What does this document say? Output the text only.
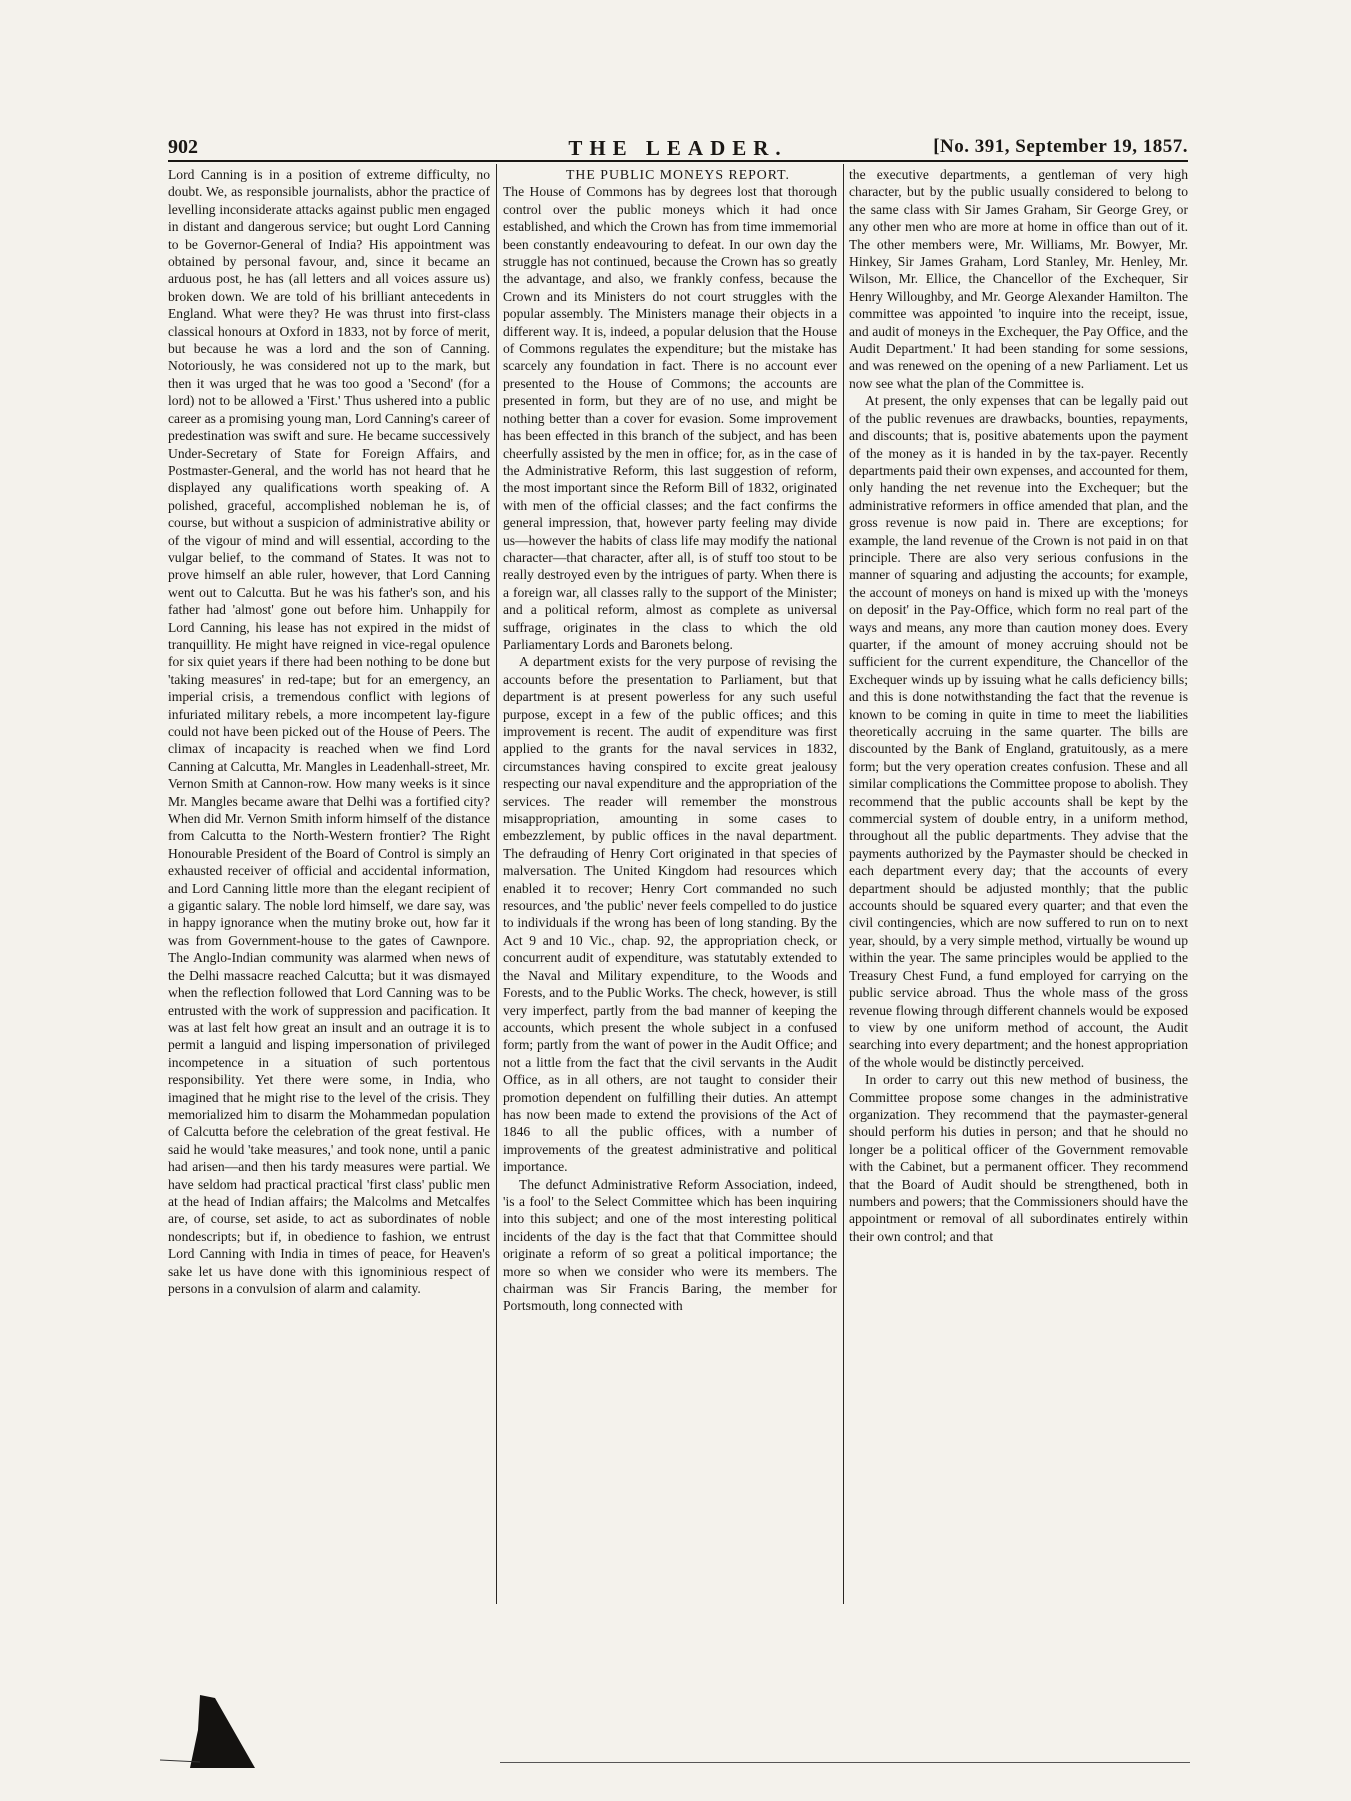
902	THE LEADER.	[No. 391, September 19, 1857.

Lord Canning is in a position of extreme difficulty, no doubt. We, as responsible journalists, abhor the practice of levelling inconsiderate attacks against public men engaged in distant and dangerous service; but ought Lord Canning to be Governor-General of India? His appointment was obtained by personal favour, and, since it became an arduous post, he has (all letters and all voices assure us) broken down. We are told of his brilliant antecedents in England. What were they? He was thrust into first-class classical honours at Oxford in 1833, not by force of merit, but because he was a lord and the son of Canning. Notoriously, he was considered not up to the mark, but then it was urged that he was too good a 'Second' (for a lord) not to be allowed a 'First.' Thus ushered into a public career as a promising young man, Lord Canning's career of predestination was swift and sure. He became successively Under-Secretary of State for Foreign Affairs, and Postmaster-General, and the world has not heard that he displayed any qualifications worth speaking of. A polished, graceful, accomplished nobleman he is, of course, but without a suspicion of administrative ability or of the vigour of mind and will essential, according to the vulgar belief, to the command of States. It was not to prove himself an able ruler, however, that Lord Canning went out to Calcutta. But he was his father's son, and his father had 'almost' gone out before him. Unhappily for Lord Canning, his lease has not expired in the midst of tranquillity. He might have reigned in vice-regal opulence for six quiet years if there had been nothing to be done but 'taking measures' in red-tape; but for an emergency, an imperial crisis, a tremendous conflict with legions of infuriated military rebels, a more incompetent lay-figure could not have been picked out of the House of Peers. The climax of incapacity is reached when we find Lord Canning at Calcutta, Mr. Mangles in Leadenhall-street, Mr. Vernon Smith at Cannon-row. How many weeks is it since Mr. Mangles became aware that Delhi was a fortified city? When did Mr. Vernon Smith inform himself of the distance from Calcutta to the North-Western frontier? The Right Honourable President of the Board of Control is simply an exhausted receiver of official and accidental information, and Lord Canning little more than the elegant recipient of a gigantic salary. The noble lord himself, we dare say, was in happy ignorance when the mutiny broke out, how far it was from Government-house to the gates of Cawnpore. The Anglo-Indian community was alarmed when news of the Delhi massacre reached Calcutta; but it was dismayed when the reflection followed that Lord Canning was to be entrusted with the work of suppression and pacification. It was at last felt how great an insult and an outrage it is to permit a languid and lisping impersonation of privileged incompetence in a situation of such portentous responsibility. Yet there were some, in India, who imagined that he might rise to the level of the crisis. They memorialized him to disarm the Mohammedan population of Calcutta before the celebration of the great festival. He said he would 'take measures,' and took none, until a panic had arisen—and then his tardy measures were partial. We have seldom had practical practical 'first class' public men at the head of Indian affairs; the Malcolms and Metcalfes are, of course, set aside, to act as subordinates of noble nondescripts; but if, in obedience to fashion, we entrust Lord Canning with India in times of peace, for Heaven's sake let us have done with this ignominious respect of persons in a convulsion of alarm and calamity.

THE PUBLIC MONEYS REPORT.

The House of Commons has by degrees lost that thorough control over the public moneys which it had once established, and which the Crown has from time immemorial been constantly endeavouring to defeat. In our own day the struggle has not continued, because the Crown has so greatly the advantage, and also, we frankly confess, because the Crown and its Ministers do not court struggles with the popular assembly. The Ministers manage their objects in a different way. It is, indeed, a popular delusion that the House of Commons regulates the expenditure; but the mistake has scarcely any foundation in fact. There is no account ever presented to the House of Commons; the accounts are presented in form, but they are of no use, and might be nothing better than a cover for evasion. Some improvement has been effected in this branch of the subject, and has been cheerfully assisted by the men in office; for, as in the case of the Administrative Reform, this last suggestion of reform, the most important since the Reform Bill of 1832, originated with men of the official classes; and the fact confirms the general impression, that, however party feeling may divide us—however the habits of class life may modify the national character—that character, after all, is of stuff too stout to be really destroyed even by the intrigues of party. When there is a foreign war, all classes rally to the support of the Minister; and a political reform, almost as complete as universal suffrage, originates in the class to which the old Parliamentary Lords and Baronets belong.

A department exists for the very purpose of revising the accounts before the presentation to Parliament, but that department is at present powerless for any such useful purpose, except in a few of the public offices; and this improvement is recent. The audit of expenditure was first applied to the grants for the naval services in 1832, circumstances having conspired to excite great jealousy respecting our naval expenditure and the appropriation of the services. The reader will remember the monstrous misappropriation, amounting in some cases to embezzlement, by public offices in the naval department. The defrauding of Henry Cort originated in that species of malversation. The United Kingdom had resources which enabled it to recover; Henry Cort commanded no such resources, and 'the public' never feels compelled to do justice to individuals if the wrong has been of long standing. By the Act 9 and 10 Vic., chap. 92, the appropriation check, or concurrent audit of expenditure, was statutably extended to the Naval and Military expenditure, to the Woods and Forests, and to the Public Works. The check, however, is still very imperfect, partly from the bad manner of keeping the accounts, which present the whole subject in a confused form; partly from the want of power in the Audit Office; and not a little from the fact that the civil servants in the Audit Office, as in all others, are not taught to consider their promotion dependent on fulfilling their duties. An attempt has now been made to extend the provisions of the Act of 1846 to all the public offices, with a number of improvements of the greatest administrative and political importance.

The defunct Administrative Reform Association, indeed, 'is a fool' to the Select Committee which has been inquiring into this subject; and one of the most interesting political incidents of the day is the fact that that Committee should originate a reform of so great a political importance; the more so when we consider who were its members. The chairman was Sir Francis Baring, the member for Portsmouth, long connected with

the executive departments, a gentleman of very high character, but by the public usually considered to belong to the same class with Sir James Graham, Sir George Grey, or any other men who are more at home in office than out of it. The other members were, Mr. Williams, Mr. Bowyer, Mr. Hinkey, Sir James Graham, Lord Stanley, Mr. Henley, Mr. Wilson, Mr. Ellice, the Chancellor of the Exchequer, Sir Henry Willoughby, and Mr. George Alexander Hamilton. The committee was appointed 'to inquire into the receipt, issue, and audit of moneys in the Exchequer, the Pay Office, and the Audit Department.' It had been standing for some sessions, and was renewed on the opening of a new Parliament. Let us now see what the plan of the Committee is.

At present, the only expenses that can be legally paid out of the public revenues are drawbacks, bounties, repayments, and discounts; that is, positive abatements upon the payment of the money as it is handed in by the tax-payer. Recently departments paid their own expenses, and accounted for them, only handing the net revenue into the Exchequer; but the administrative reformers in office amended that plan, and the gross revenue is now paid in. There are exceptions; for example, the land revenue of the Crown is not paid in on that principle. There are also very serious confusions in the manner of squaring and adjusting the accounts; for example, the account of moneys on hand is mixed up with the 'moneys on deposit' in the Pay-Office, which form no real part of the ways and means, any more than caution money does. Every quarter, if the amount of money accruing should not be sufficient for the current expenditure, the Chancellor of the Exchequer winds up by issuing what he calls deficiency bills; and this is done notwithstanding the fact that the revenue is known to be coming in quite in time to meet the liabilities theoretically accruing in the same quarter. The bills are discounted by the Bank of England, gratuitously, as a mere form; but the very operation creates confusion. These and all similar complications the Committee propose to abolish. They recommend that the public accounts shall be kept by the commercial system of double entry, in a uniform method, throughout all the public departments. They advise that the payments authorized by the Paymaster should be checked in each department every day; that the accounts of every department should be adjusted monthly; that the public accounts should be squared every quarter; and that even the civil contingencies, which are now suffered to run on to next year, should, by a very simple method, virtually be wound up within the year. The same principles would be applied to the Treasury Chest Fund, a fund employed for carrying on the public service abroad. Thus the whole mass of the gross revenue flowing through different channels would be exposed to view by one uniform method of account, the Audit searching into every department; and the honest appropriation of the whole would be distinctly perceived.

In order to carry out this new method of business, the Committee propose some changes in the administrative organization. They recommend that the paymaster-general should perform his duties in person; and that he should no longer be a political officer of the Government removable with the Cabinet, but a permanent officer. They recommend that the Board of Audit should be strengthened, both in numbers and powers; that the Commissioners should have the appointment or removal of all subordinates entirely within their own control; and that
